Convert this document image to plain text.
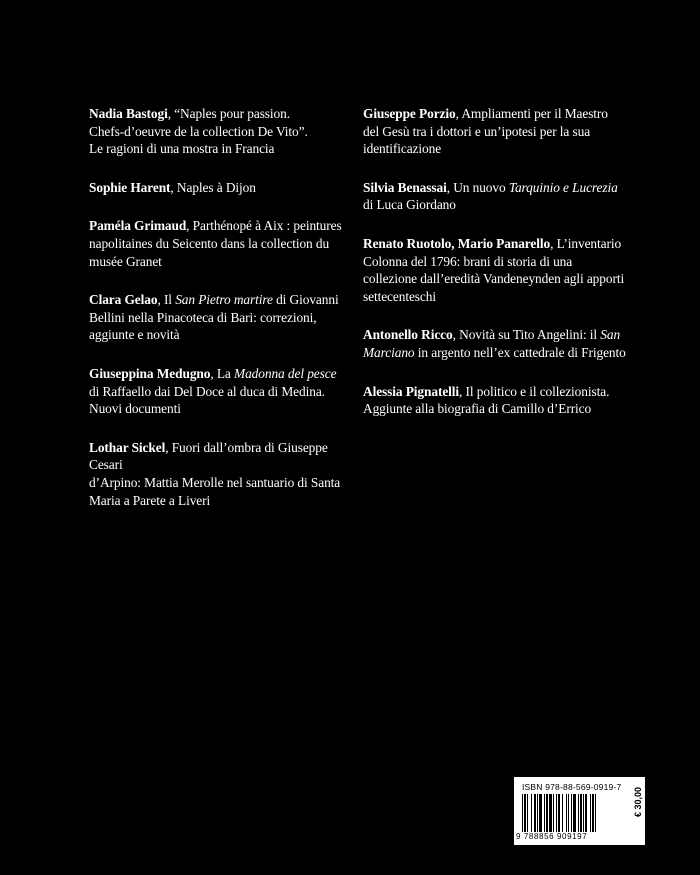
Nadia Bastogi, “Naples pour passion.
Chefs-d’oeuvre de la collection De Vito”.
Le ragioni di una mostra in Francia

Sophie Harent, Naples à Dijon

Paméla Grimaud, Parthénopé à Aix : peintures
napolitaines du Seicento dans la collection du
musée Granet

Clara Gelao, Il San Pietro martire di Giovanni
Bellini nella Pinacoteca di Bari: correzioni,
aggiunte e novità

Giuseppina Medugno, La Madonna del pesce
di Raffaello dai Del Doce al duca di Medina.
Nuovi documenti

Lothar Sickel, Fuori dall’ombra di Giuseppe Cesari
d’Arpino: Mattia Merolle nel santuario di Santa
Maria a Parete a Liveri

Giuseppe Porzio, Ampliamenti per il Maestro
del Gesù tra i dottori e un’ipotesi per la sua
identificazione

Silvia Benassai, Un nuovo Tarquinio e Lucrezia
di Luca Giordano

Renato Ruotolo, Mario Panarello, L’inventario
Colonna del 1796: brani di storia di una
collezione dall’eredità Vandeneynden agli apporti
settecenteschi

Antonello Ricco, Novità su Tito Angelini: il San
Marciano in argento nell’ex cattedrale di Frigento

Alessia Pignatelli, Il politico e il collezionista.
Aggiunte alla biografia di Camillo d’Errico

ISBN 978-88-569-0919-7 € 30,00
9 788856 909197
